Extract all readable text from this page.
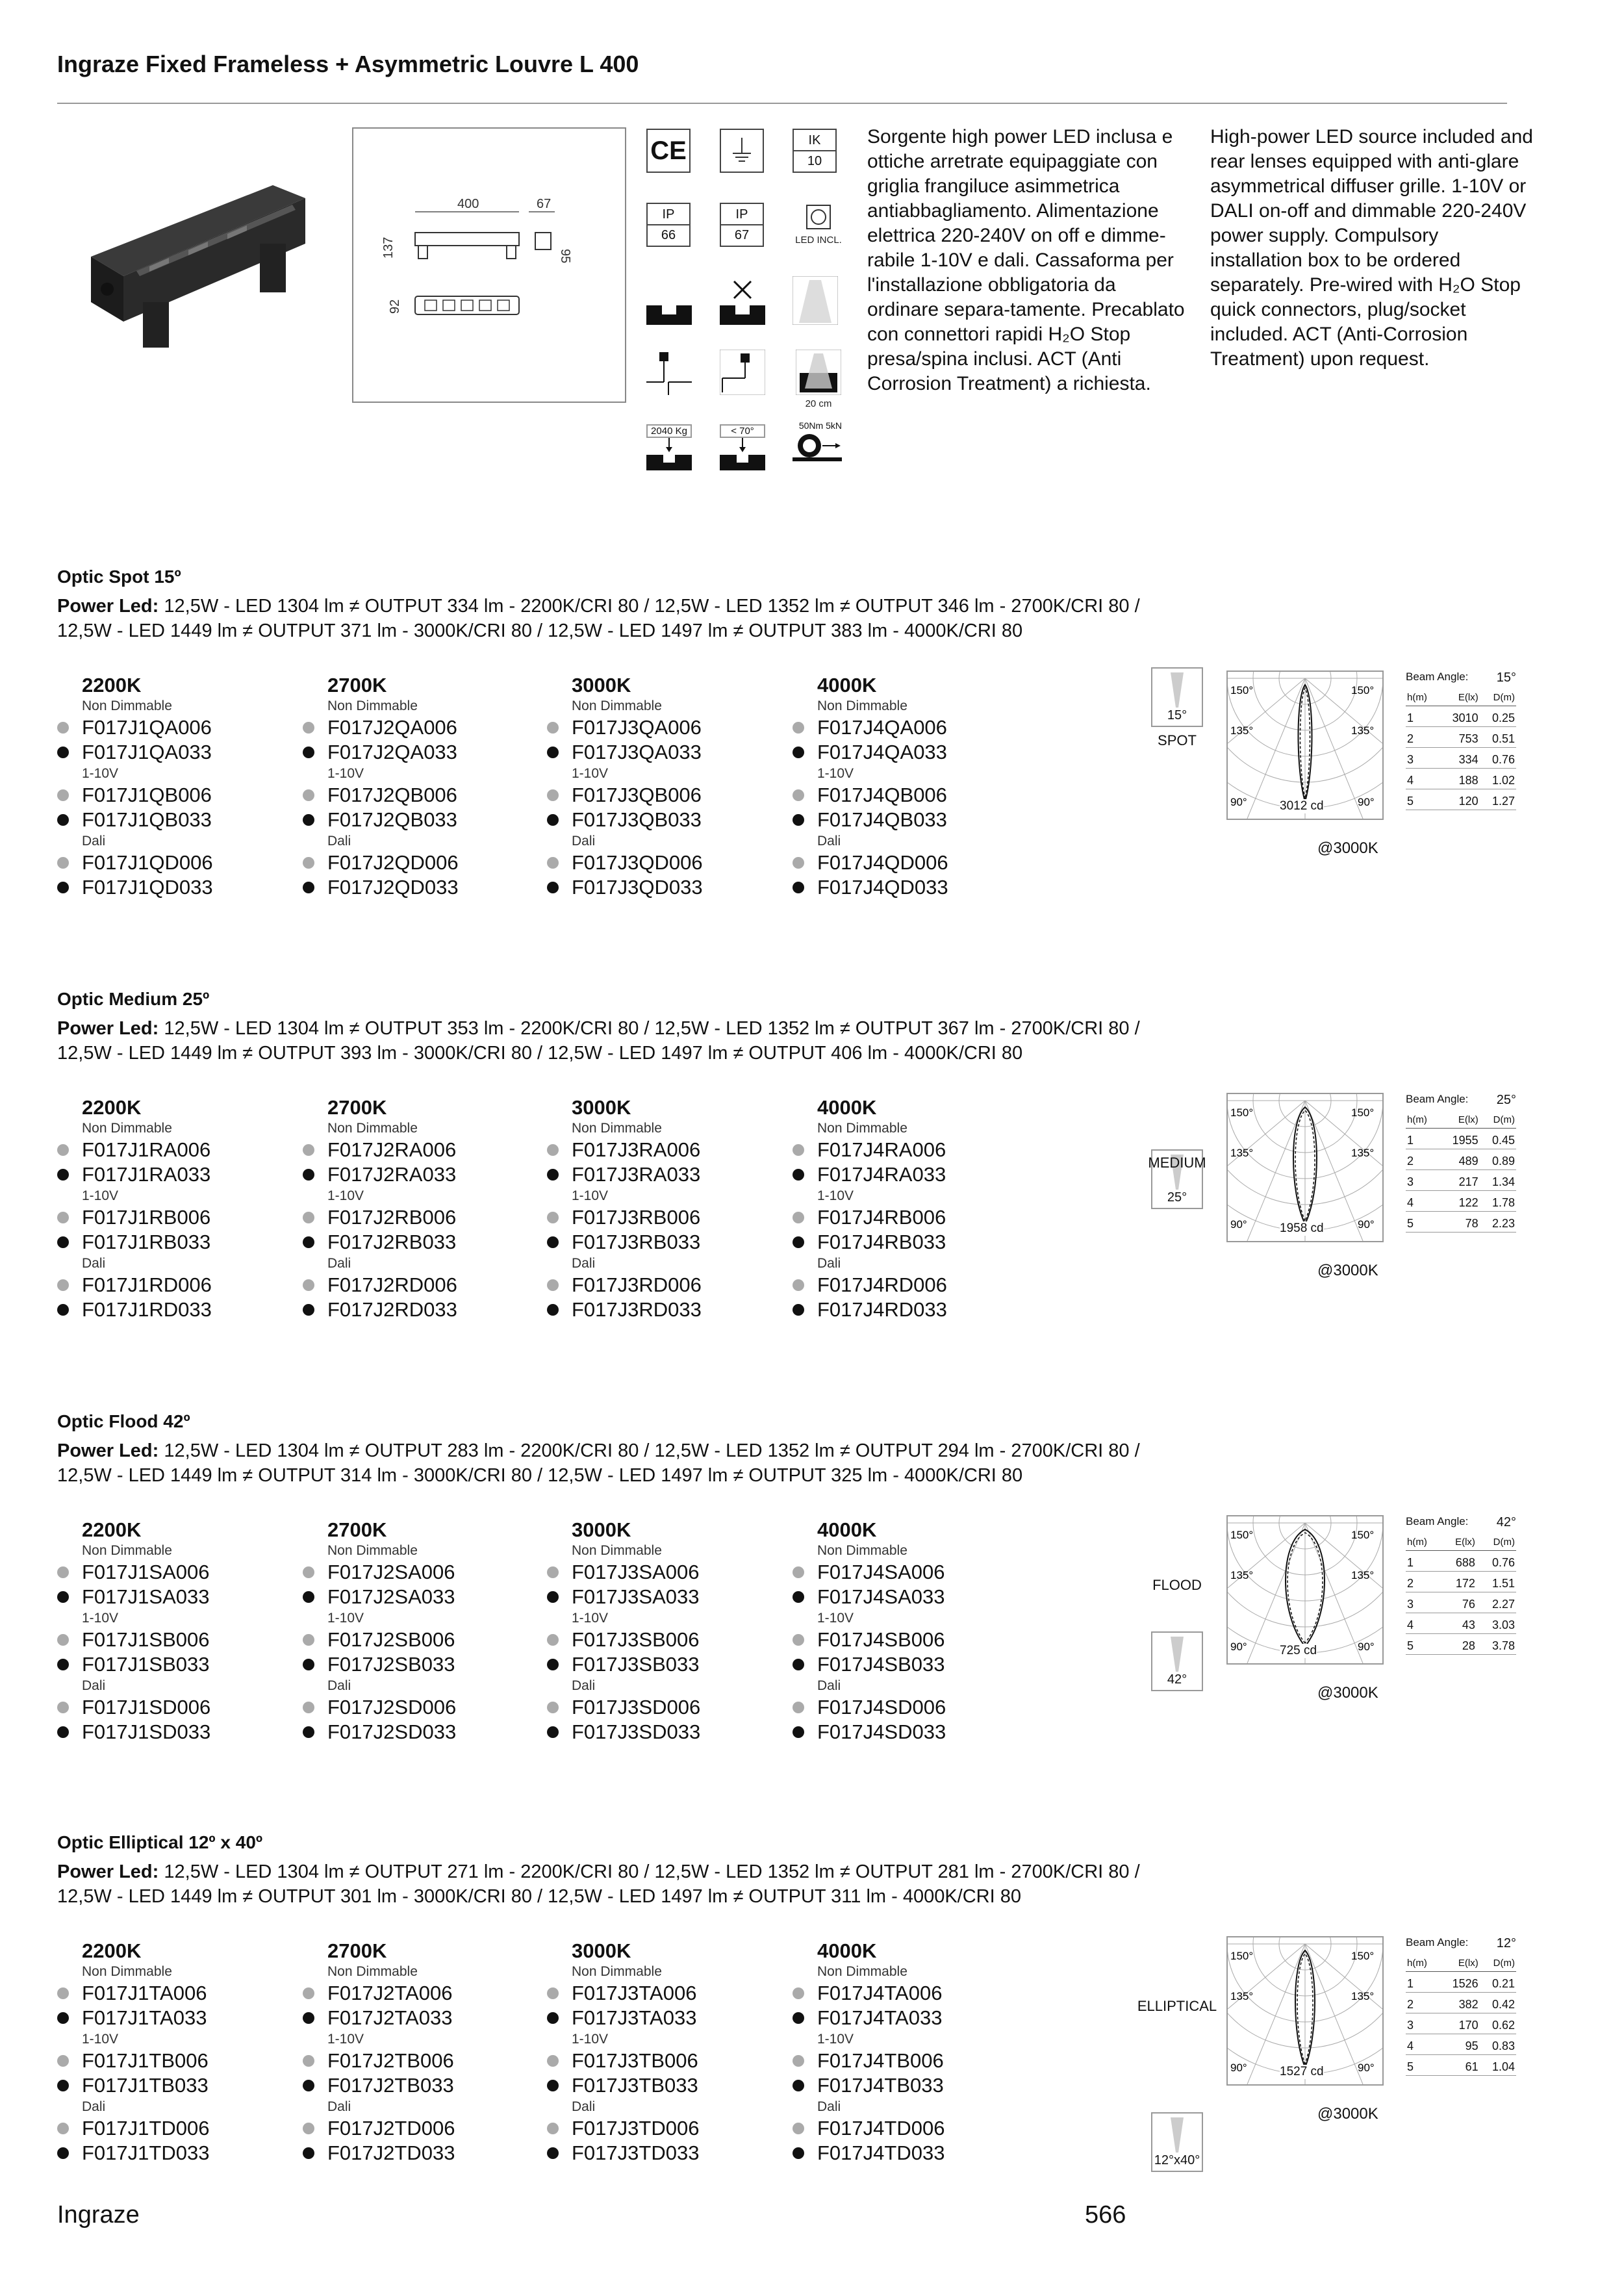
Ingraze Fixed Frameless + Asymmetric Louvre L 400
400	67
137	95
92
CE	IK
10
IP
66
IP
67	LED INCL.
20 cm
2040 Kg	< 70°	50Nm 5kN
Sorgente high power LED inclusa e ottiche arretrate equipaggiate con griglia frangiluce asimmetrica antiabbagliamento. Alimentazione elettrica 220-240V on off e dimme-rabile 1-10V e dali. Cassaforma per l'installazione obbligatoria da ordinare separa-tamente. Precablato con connettori rapidi H₂O Stop presa/spina inclusi. ACT (Anti Corrosion Treatment) a richiesta.
High-power LED source included and rear lenses equipped with anti-glare asymmetrical diffuser grille. 1-10V or DALI on-off and dimmable 220-240V power supply. Compulsory installation box to be ordered separately. Pre-wired with H₂O Stop quick connectors, plug/socket included. ACT (Anti-Corrosion Treatment) upon request.
Optic Spot 15º
Power Led: 12,5W - LED 1304 lm ≠ OUTPUT 334 lm - 2200K/CRI 80 / 12,5W - LED 1352 lm ≠ OUTPUT 346 lm - 2700K/CRI 80 /
12,5W - LED 1449 lm ≠ OUTPUT 371 lm - 3000K/CRI 80 / 12,5W - LED 1497 lm ≠ OUTPUT 383 lm - 4000K/CRI 80
2200K
Non Dimmable
F017J1QA006
F017J1QA033
1-10V
F017J1QB006
F017J1QB033
Dali
F017J1QD006
F017J1QD033
2700K
Non Dimmable
F017J2QA006
F017J2QA033
1-10V
F017J2QB006
F017J2QB033
Dali
F017J2QD006
F017J2QD033
3000K
Non Dimmable
F017J3QA006
F017J3QA033
1-10V
F017J3QB006
F017J3QB033
Dali
F017J3QD006
F017J3QD033
4000K
Non Dimmable
F017J4QA006
F017J4QA033
1-10V
F017J4QB006
F017J4QB033
Dali
F017J4QD006
F017J4QD033
15°
SPOT
150°	150°
135°	135°
90°	90°
3012 cd
@3000K
Beam Angle: 15°
h(m)	E(lx)	D(m)
1	3010	0.25
2	753	0.51
3	334	0.76
4	188	1.02
5	120	1.27
Optic Medium 25º
Power Led: 12,5W - LED 1304 lm ≠ OUTPUT 353 lm - 2200K/CRI 80 / 12,5W - LED 1352 lm ≠ OUTPUT 367 lm - 2700K/CRI 80 /
12,5W - LED 1449 lm ≠ OUTPUT 393 lm - 3000K/CRI 80 / 12,5W - LED 1497 lm ≠ OUTPUT 406 lm - 4000K/CRI 80
2200K
Non Dimmable
F017J1RA006
F017J1RA033
1-10V
F017J1RB006
F017J1RB033
Dali
F017J1RD006
F017J1RD033
2700K
Non Dimmable
F017J2RA006
F017J2RA033
1-10V
F017J2RB006
F017J2RB033
Dali
F017J2RD006
F017J2RD033
3000K
Non Dimmable
F017J3RA006
F017J3RA033
1-10V
F017J3RB006
F017J3RB033
Dali
F017J3RD006
F017J3RD033
4000K
Non Dimmable
F017J4RA006
F017J4RA033
1-10V
F017J4RB006
F017J4RB033
Dali
F017J4RD006
F017J4RD033
25°
MEDIUM
150°	150°
135°	135°
90°	90°
1958 cd
@3000K
Beam Angle: 25°
h(m)	E(lx)	D(m)
1	1955	0.45
2	489	0.89
3	217	1.34
4	122	1.78
5	78	2.23
Optic Flood 42º
Power Led: 12,5W - LED 1304 lm ≠ OUTPUT 283 lm - 2200K/CRI 80 / 12,5W - LED 1352 lm ≠ OUTPUT 294 lm - 2700K/CRI 80 /
12,5W - LED 1449 lm ≠ OUTPUT 314 lm - 3000K/CRI 80 / 12,5W - LED 1497 lm ≠ OUTPUT 325 lm - 4000K/CRI 80
2200K
Non Dimmable
F017J1SA006
F017J1SA033
1-10V
F017J1SB006
F017J1SB033
Dali
F017J1SD006
F017J1SD033
2700K
Non Dimmable
F017J2SA006
F017J2SA033
1-10V
F017J2SB006
F017J2SB033
Dali
F017J2SD006
F017J2SD033
3000K
Non Dimmable
F017J3SA006
F017J3SA033
1-10V
F017J3SB006
F017J3SB033
Dali
F017J3SD006
F017J3SD033
4000K
Non Dimmable
F017J4SA006
F017J4SA033
1-10V
F017J4SB006
F017J4SB033
Dali
F017J4SD006
F017J4SD033
42°
FLOOD
150°	150°
135°	135°
90°	90°
725 cd
@3000K
Beam Angle: 42°
h(m)	E(lx)	D(m)
1	688	0.76
2	172	1.51
3	76	2.27
4	43	3.03
5	28	3.78
Optic Elliptical 12º x 40º
Power Led: 12,5W - LED 1304 lm ≠ OUTPUT 271 lm - 2200K/CRI 80 / 12,5W - LED 1352 lm ≠ OUTPUT 281 lm - 2700K/CRI 80 /
12,5W - LED 1449 lm ≠ OUTPUT 301 lm - 3000K/CRI 80 / 12,5W - LED 1497 lm ≠ OUTPUT 311 lm - 4000K/CRI 80
2200K
Non Dimmable
F017J1TA006
F017J1TA033
1-10V
F017J1TB006
F017J1TB033
Dali
F017J1TD006
F017J1TD033
2700K
Non Dimmable
F017J2TA006
F017J2TA033
1-10V
F017J2TB006
F017J2TB033
Dali
F017J2TD006
F017J2TD033
3000K
Non Dimmable
F017J3TA006
F017J3TA033
1-10V
F017J3TB006
F017J3TB033
Dali
F017J3TD006
F017J3TD033
4000K
Non Dimmable
F017J4TA006
F017J4TA033
1-10V
F017J4TB006
F017J4TB033
Dali
F017J4TD006
F017J4TD033	12°x40°
ELLIPTICAL
150°	150°
135°	135°
90°	90°
1527 cd
@3000K
Beam Angle: 12°
h(m)	E(lx)	D(m)
1	1526	0.21
2	382	0.42
3	170	0.62
4	95	0.83
5	61	1.04
Ingraze	566
